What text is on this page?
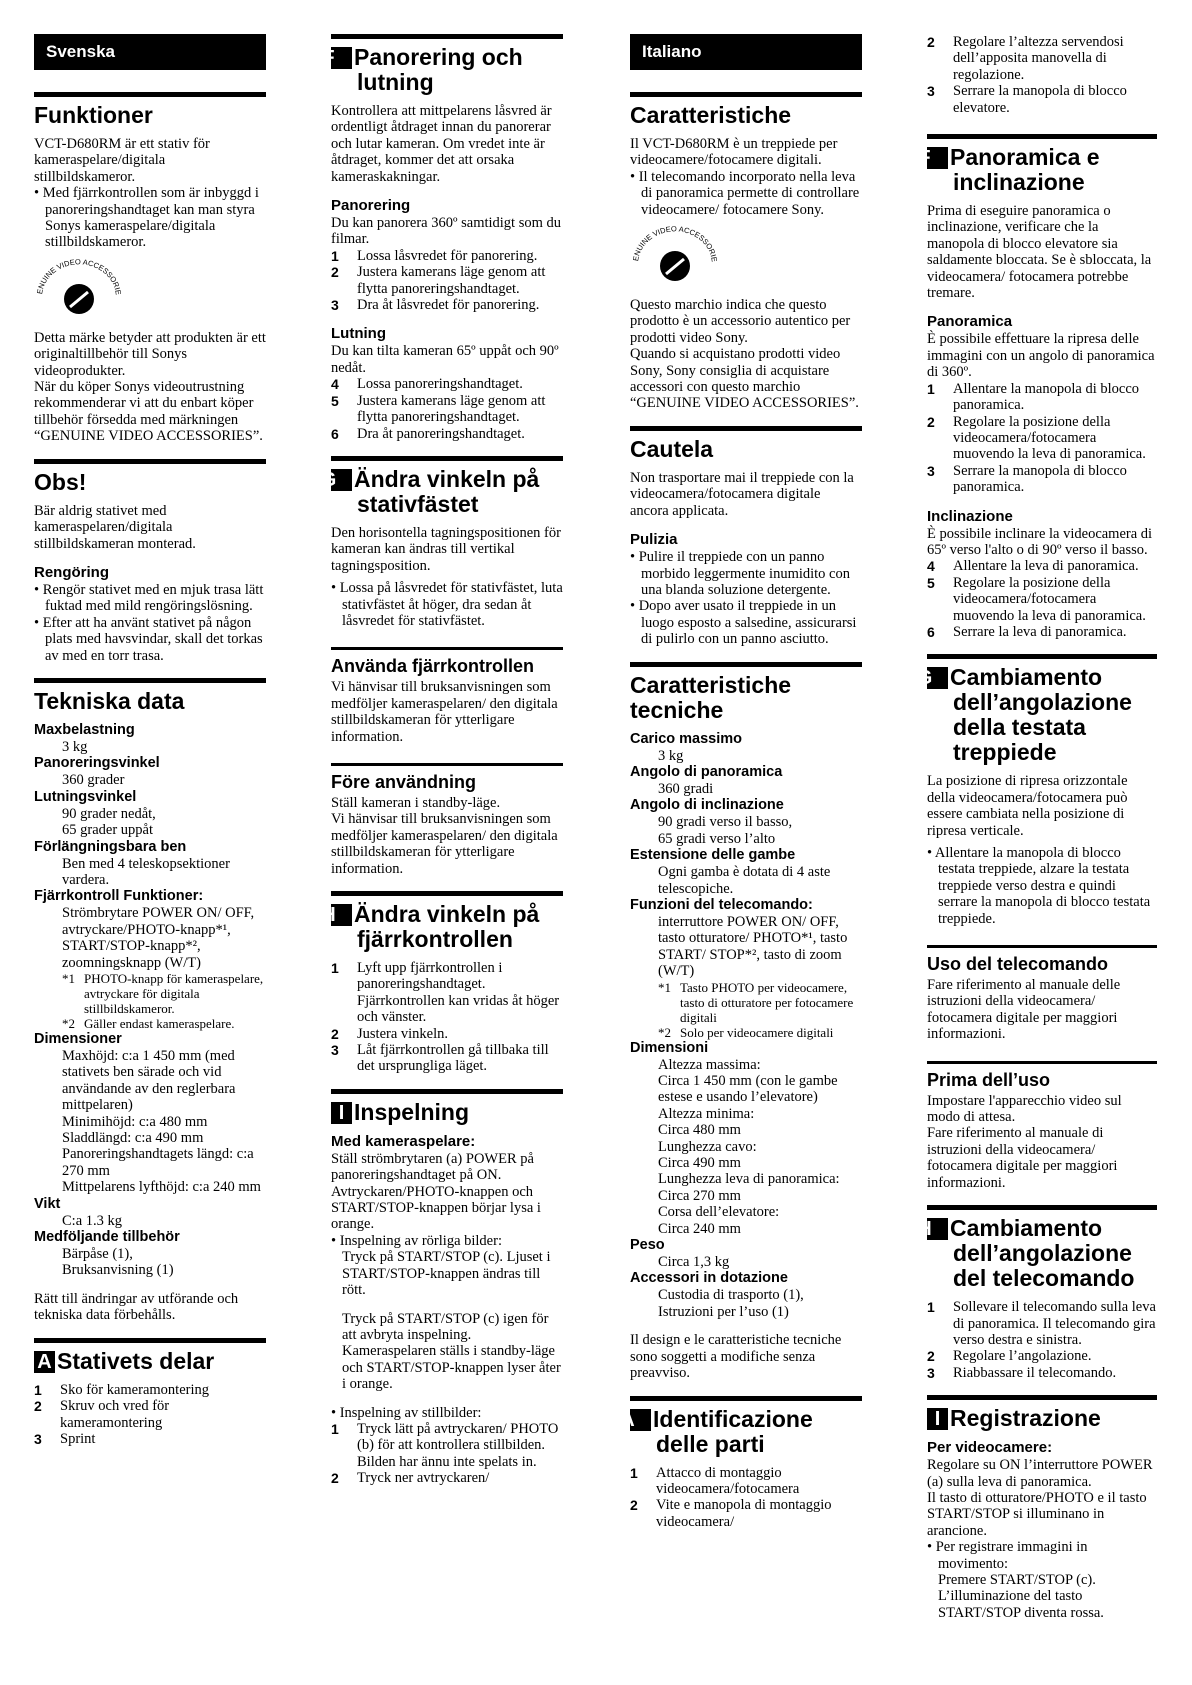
Svenska
Funktioner

VCT-D680RM är ett stativ för kameraspelare/digitala stillbildskameror.

• Med fjärrkontrollen som är inbyggd i panoreringshandtaget kan man styra Sonys kameraspelare/digitala stillbildskameror.

ENUINE VIDEO ACCESSORIE

Detta märke betyder att produkten är ett originaltillbehör till Sonys videoprodukter.

När du köper Sonys videoutrustning rekommenderar vi att du enbart köper tillbehör försedda med märkningen “GENUINE VIDEO ACCESSORIES”.

Obs!

Bär aldrig stativet med kameraspelaren/digitala stillbildskameran monterad.

Rengöring

• Rengör stativet med en mjuk trasa lätt fuktad med mild rengöringslösning.

• Efter att ha använt stativet på någon plats med havsvindar, skall det torkas av med en torr trasa.

Tekniska data

Maxbelastning

3 kg

Panoreringsvinkel

360 grader

Lutningsvinkel

90 grader nedåt,

65 grader uppåt

Förlängningsbara ben

Ben med 4 teleskopsektioner vardera.

Fjärrkontroll Funktioner:

Strömbrytare POWER ON/ OFF, avtryckare/PHOTO-knapp*¹, START/STOP-knapp*², zoomningsknapp (W/T)

*1 PHOTO-knapp för kameraspelare, avtryckare för digitala stillbildskameror.
*2 Gäller endast kameraspelare.

Dimensioner

Maxhöjd: c:a 1 450 mm (med stativets ben särade och vid användande av den reglerbara mittpelaren)

Minimihöjd: c:a 480 mm

Sladdlängd: c:a 490 mm

Panoreringshandtagets längd: c:a 270 mm

Mittpelarens lyfthöjd: c:a 240 mm

Vikt

C:a 1.3 kg

Medföljande tillbehör

Bärpåse (1),

Bruksanvisning (1)

Rätt till ändringar av utförande och tekniska data förbehålls.

A Stativets delar
1	Sko för kameramontering
2	Skruv och vred för kameramontering
3	Sprint
F Panorering och lutning

Kontrollera att mittpelarens låsvred är ordentligt åtdraget innan du panorerar och lutar kameran. Om vredet inte är åtdraget, kommer det att orsaka kameraskakningar.

Panorering

Du kan panorera 360º samtidigt som du filmar.

1	Lossa låsvredet för panorering.
2	Justera kamerans läge genom att flytta panoreringshandtaget.
3	Dra åt låsvredet för panorering.
Lutning

Du kan tilta kameran 65º uppåt och 90º nedåt.

4	Lossa panoreringshandtaget.
5	Justera kamerans läge genom att flytta panoreringshandtaget.
6	Dra åt panoreringshandtaget.
G Ändra vinkeln på stativfästet

Den horisontella tagningspositionen för kameran kan ändras till vertikal tagningsposition.

• Lossa på låsvredet för stativfästet, luta stativfästet åt höger, dra sedan åt låsvredet för stativfästet.

Använda fjärrkontrollen

Vi hänvisar till bruksanvisningen som medföljer kameraspelaren/ den digitala stillbildskameran för ytterligare information.

Före användning

Ställ kameran i standby-läge.

Vi hänvisar till bruksanvisningen som medföljer kameraspelaren/ den digitala stillbildskameran för ytterligare information.

H Ändra vinkeln på fjärrkontrollen
1	Lyft upp fjärrkontrollen i panoreringshandtaget. Fjärrkontrollen kan vridas åt höger och vänster.
2	Justera vinkeln.
3	Låt fjärrkontrollen gå tillbaka till det ursprungliga läget.
I Inspelning
Med kameraspelare:

Ställ strömbrytaren (a) POWER på panoreringshandtaget på ON. Avtryckaren/PHOTO-knappen och START/STOP-knappen börjar lysa i orange.

• Inspelning av rörliga bilder:

Tryck på START/STOP (c). Ljuset i START/STOP-knappen ändras till rött.

Tryck på START/STOP (c) igen för att avbryta inspelning. Kameraspelaren ställs i standby-läge och START/STOP-knappen lyser åter i orange.

• Inspelning av stillbilder:

1	Tryck lätt på avtryckaren/ PHOTO (b) för att kontrollera stillbilden. Bilden har ännu inte spelats in.
2	Tryck ner avtryckaren/
Italiano
Caratteristiche

Il VCT-D680RM è un treppiede per videocamere/fotocamere digitali.

• Il telecomando incorporato nella leva di panoramica permette di controllare videocamere/ fotocamere Sony.

ENUINE VIDEO ACCESSORIE

Questo marchio indica che questo prodotto è un accessorio autentico per prodotti video Sony.

Quando si acquistano prodotti video Sony, Sony consiglia di acquistare accessori con questo marchio “GENUINE VIDEO ACCESSORIES”.

Cautela

Non trasportare mai il treppiede con la videocamera/fotocamera digitale ancora applicata.

Pulizia

• Pulire il treppiede con un panno morbido leggermente inumidito con una blanda soluzione detergente.

• Dopo aver usato il treppiede in un luogo esposto a salsedine, assicurarsi di pulirlo con un panno asciutto.

Caratteristiche tecniche

Carico massimo

3 kg

Angolo di panoramica

360 gradi

Angolo di inclinazione

90 gradi verso il basso,

65 gradi verso l’alto

Estensione delle gambe

Ogni gamba è dotata di 4 aste telescopiche.

Funzioni del telecomando:

interruttore POWER ON/ OFF, tasto otturatore/ PHOTO*¹, tasto START/ STOP*², tasto di zoom (W/T)

*1 Tasto PHOTO per videocamere, tasto di otturatore per fotocamere digitali
*2 Solo per videocamere digitali

Dimensioni

Altezza massima:

Circa 1 450 mm (con le gambe estese e usando l’elevatore)

Altezza minima:

Circa 480 mm

Lunghezza cavo:

Circa 490 mm

Lunghezza leva di panoramica: Circa 270 mm

Corsa dell’elevatore:

Circa 240 mm

Peso

Circa 1,3 kg

Accessori in dotazione

Custodia di trasporto (1),

Istruzioni per l’uso (1)

Il design e le caratteristiche tecniche sono soggetti a modifiche senza preavviso.

A Identificazione delle parti
1	Attacco di montaggio videocamera/fotocamera
2	Vite e manopola di montaggio videocamera/
2	Regolare l’altezza servendosi dell’apposita manovella di regolazione.
3	Serrare la manopola di blocco elevatore.
F Panoramica e inclinazione

Prima di eseguire panoramica o inclinazione, verificare che la manopola di blocco elevatore sia saldamente bloccata. Se è sbloccata, la videocamera/ fotocamera potrebbe tremare.

Panoramica

È possibile effettuare la ripresa delle immagini con un angolo di panoramica di 360º.

1	Allentare la manopola di blocco panoramica.
2	Regolare la posizione della videocamera/fotocamera muovendo la leva di panoramica.
3	Serrare la manopola di blocco panoramica.
Inclinazione

È possibile inclinare la videocamera di 65º verso l'alto o di 90º verso il basso.

4	Allentare la leva di panoramica.
5	Regolare la posizione della videocamera/fotocamera muovendo la leva di panoramica.
6	Serrare la leva di panoramica.
G Cambiamento dell’angolazione della testata treppiede

La posizione di ripresa orizzontale della videocamera/fotocamera può essere cambiata nella posizione di ripresa verticale.

• Allentare la manopola di blocco testata treppiede, alzare la testata treppiede verso destra e quindi serrare la manopola di blocco testata treppiede.

Uso del telecomando

Fare riferimento al manuale delle istruzioni della videocamera/ fotocamera digitale per maggiori informazioni.

Prima dell’uso

Impostare l'apparecchio video sul modo di attesa.

Fare riferimento al manuale di istruzioni della videocamera/ fotocamera digitale per maggiori informazioni.

H Cambiamento dell’angolazione del telecomando
1	Sollevare il telecomando sulla leva di panoramica. Il telecomando gira verso destra e sinistra.
2	Regolare l’angolazione.
3	Riabbassare il telecomando.
I Registrazione
Per videocamere:

Regolare su ON l’interruttore POWER (a) sulla leva di panoramica.

Il tasto di otturatore/PHOTO e il tasto START/STOP si illuminano in arancione.

• Per registrare immagini in movimento:

Premere START/STOP (c). L’illuminazione del tasto START/STOP diventa rossa.
